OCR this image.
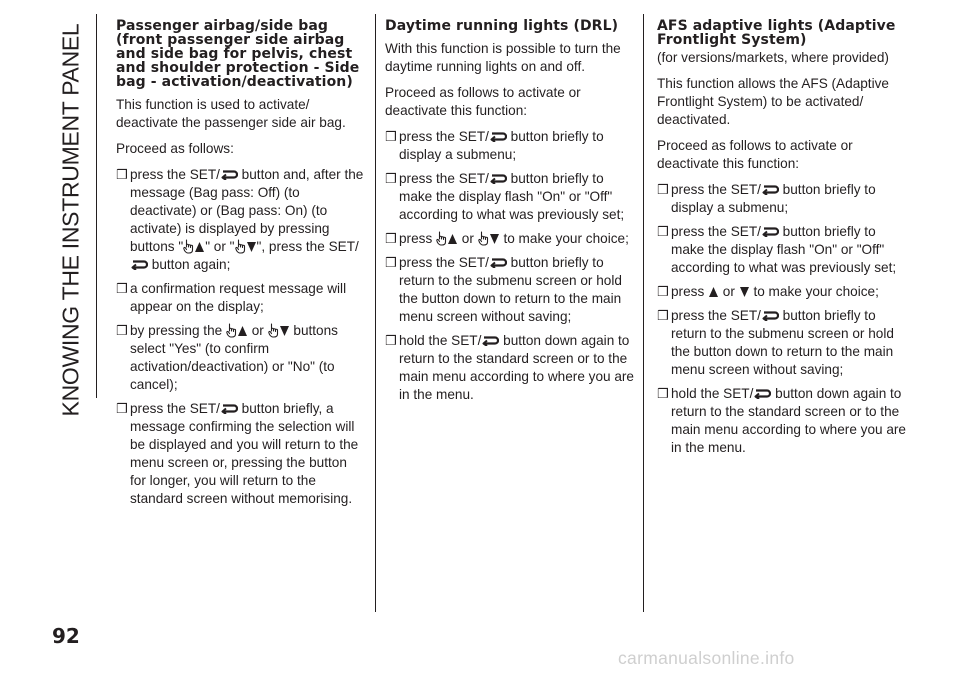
KNOWING THE INSTRUMENT PANEL Passenger airbag/side bag (front passenger side airbag and side bag for pelvis, chest and shoulder protection - Side bag - activation/deactivation)

This function is used to activate/ deactivate the passenger side air bag.

Proceed as follows:

❒ press the SET/ button and, after the message (Bag pass: Off) (to deactivate) or (Bag pass: On) (to activate) is displayed by pressing buttons " " or " ", press the SET/ button again;
❒ a confirmation request message will appear on the display;
❒ by pressing the  or  buttons select "Yes" (to confirm activation/deactivation) or "No" (to cancel);
❒ press the SET/ button briefly, a message confirming the selection will be displayed and you will return to the menu screen or, pressing the button for longer, you will return to the standard screen without memorising.
Daytime running lights (DRL)

With this function is possible to turn the daytime running lights on and off.

Proceed as follows to activate or deactivate this function:

❒ press the SET/ button briefly to display a submenu;
❒ press the SET/ button briefly to make the display flash "On" or "Off" according to what was previously set;
❒ press  or  to make your choice;
❒ press the SET/ button briefly to return to the submenu screen or hold the button down to return to the main menu screen without saving;
❒ hold the SET/ button down again to return to the standard screen or to the main menu according to where you are in the menu.
AFS adaptive lights (Adaptive Frontlight System)
(for versions/markets, where provided)

This function allows the AFS (Adaptive Frontlight System) to be activated/ deactivated.

Proceed as follows to activate or deactivate this function:

❒ press the SET/ button briefly to display a submenu;
❒ press the SET/ button briefly to make the display flash "On" or "Off" according to what was previously set;
❒ press  or  to make your choice;
❒ press the SET/ button briefly to return to the submenu screen or hold the button down to return to the main menu screen without saving;
❒ hold the SET/ button down again to return to the standard screen or to the main menu according to where you are in the menu.
92
carmanualsonline.info
